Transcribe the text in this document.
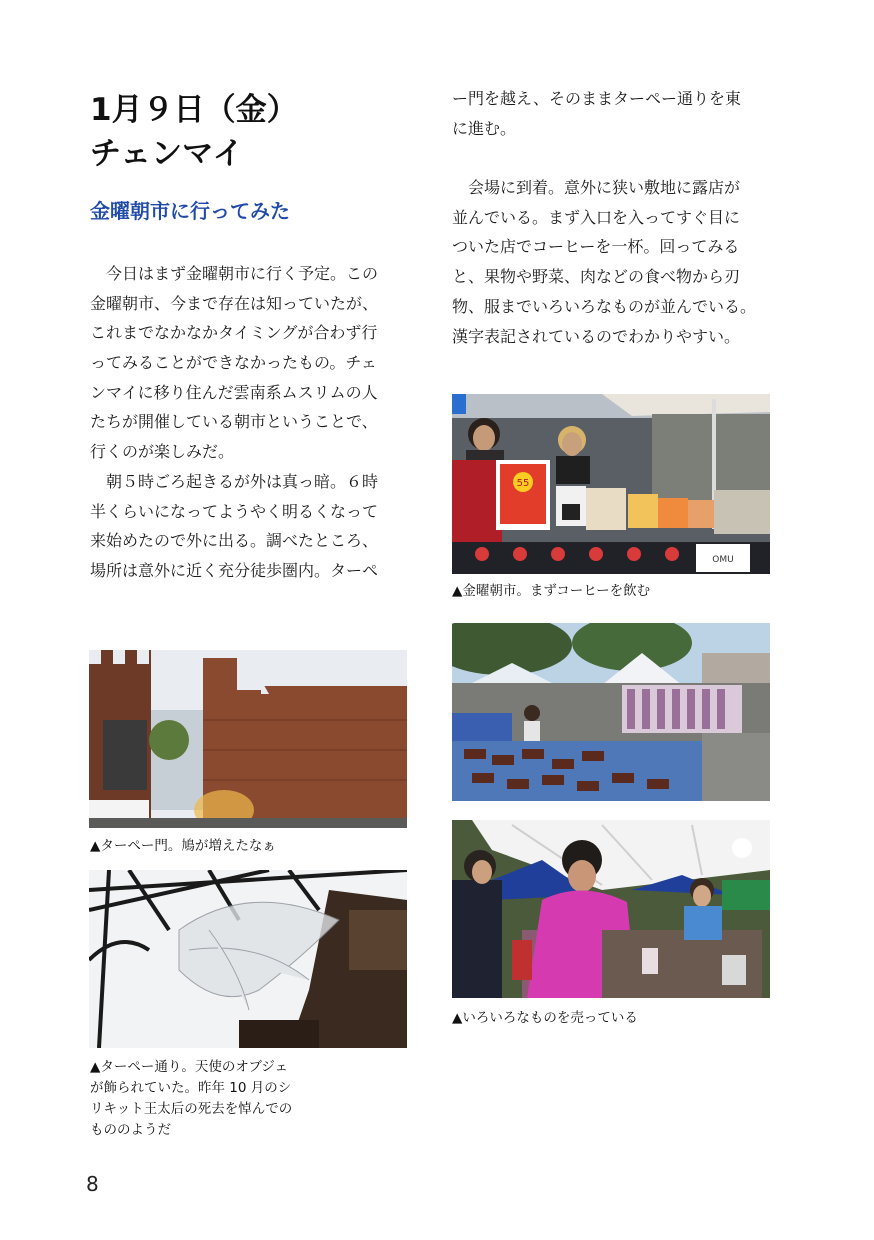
1月９日（金）
チェンマイ
金曜朝市に行ってみた
　今日はまず金曜朝市に行く予定。この
金曜朝市、今まで存在は知っていたが、
これまでなかなかタイミングが合わず行
ってみることができなかったもの。チェ
ンマイに移り住んだ雲南系ムスリムの人
たちが開催している朝市ということで、
行くのが楽しみだ。
　朝５時ごろ起きるが外は真っ暗。６時
半くらいになってようやく明るくなって
来始めたので外に出る。調べたところ、
場所は意外に近く充分徒歩圏内。ターペ
ー門を越え、そのままターペー通りを東
に進む。
　会場に到着。意外に狭い敷地に露店が
並んでいる。まず入口を入ってすぐ目に
ついた店でコーヒーを一杯。回ってみる
と、果物や野菜、肉などの食べ物から刃
物、服までいろいろなものが並んでいる。
漢字表記されているのでわかりやすい。
55
OMU
▲金曜朝市。まずコーヒーを飲む
▲ターペー門。鳩が増えたなぁ
▲いろいろなものを売っている
▲ターペー通り。天使のオブジェ
が飾られていた。昨年 10 月のシ
リキット王太后の死去を悼んでの
もののようだ
8
